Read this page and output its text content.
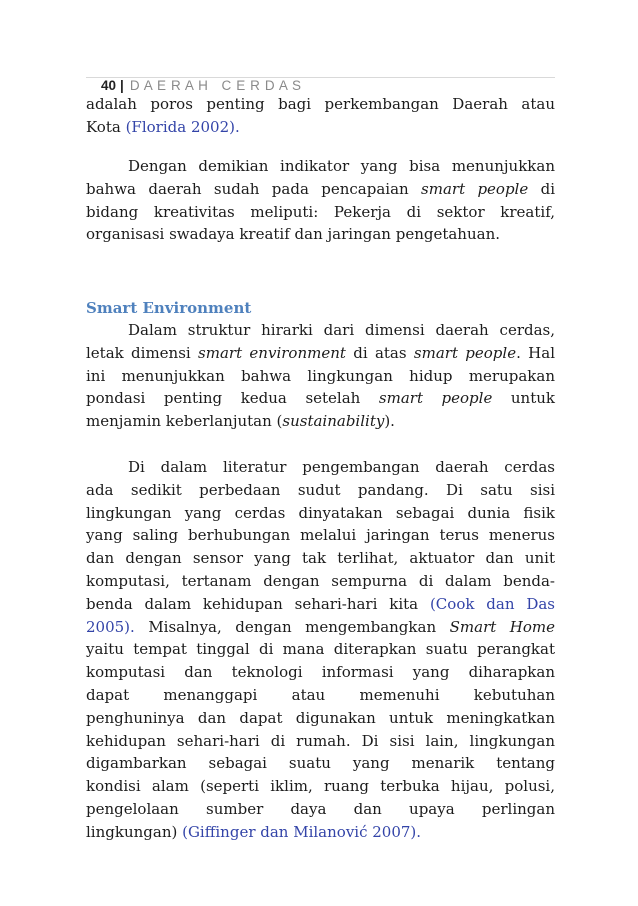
40 | D A E R A H   C E R D A S

adalah poros penting bagi perkembangan Daerah atau
Kota (Florida 2002).
Dengan demikian indikator yang bisa menunjukkan
bahwa daerah sudah pada pencapaian smart people di
bidang kreativitas meliputi: Pekerja di sektor kreatif,
organisasi swadaya kreatif dan jaringan pengetahuan.
Smart Environment
Dalam struktur hirarki dari dimensi daerah cerdas,
letak dimensi smart environment di atas smart people. Hal
ini menunjukkan bahwa lingkungan hidup merupakan
pondasi penting kedua setelah smart people untuk
menjamin keberlanjutan (sustainability).
Di dalam literatur pengembangan daerah cerdas
ada sedikit perbedaan sudut pandang. Di satu sisi
lingkungan yang cerdas dinyatakan sebagai dunia fisik
yang saling berhubungan melalui jaringan terus menerus
dan dengan sensor yang tak terlihat, aktuator dan unit
komputasi, tertanam dengan sempurna di dalam benda-
benda dalam kehidupan sehari-hari kita (Cook dan Das
2005). Misalnya, dengan mengembangkan Smart Home
yaitu tempat tinggal di mana diterapkan suatu perangkat
komputasi dan teknologi informasi yang diharapkan
dapat menanggapi atau memenuhi kebutuhan
penghuninya dan dapat digunakan untuk meningkatkan
kehidupan sehari-hari di rumah. Di sisi lain, lingkungan
digambarkan sebagai suatu yang menarik tentang
kondisi alam (seperti iklim, ruang terbuka hijau, polusi,
pengelolaan sumber daya dan upaya perlingan
lingkungan) (Giffinger dan Milanović 2007).
